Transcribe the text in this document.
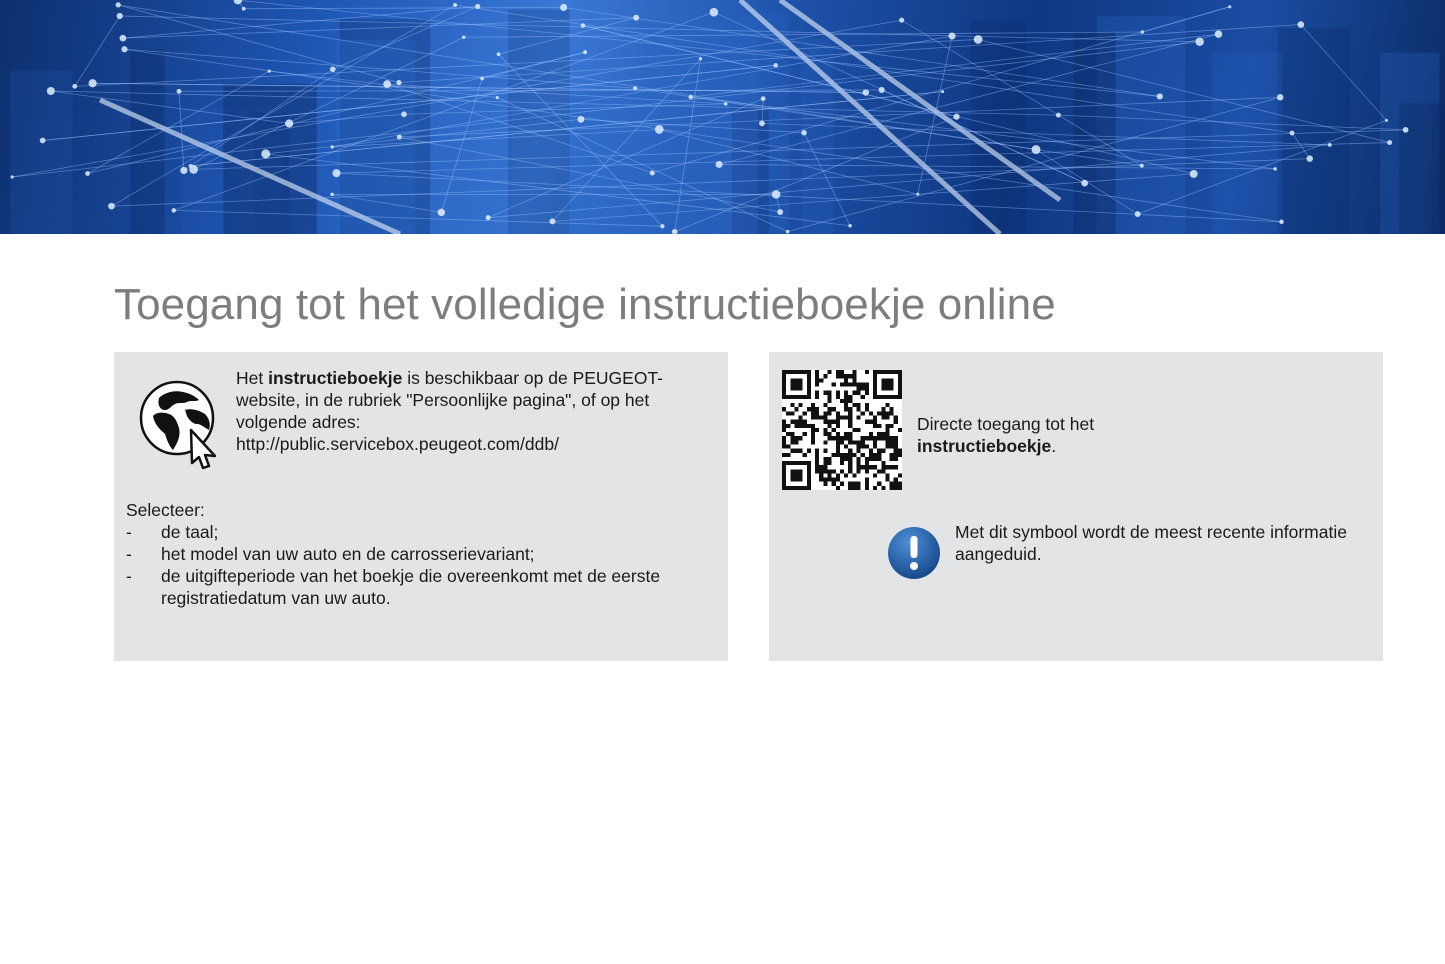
Toegang tot het volledige instructieboekje online

Het instructieboekje is beschikbaar op de PEUGEOT-website, in de rubriek "Persoonlijke pagina", of op het volgende adres:
http://public.servicebox.peugeot.com/ddb/

Selecteer:

- de taal;
- het model van uw auto en de carrosserievariant;
- de uitgifteperiode van het boekje die overeenkomt met de eerste registratiedatum van uw auto.

Directe toegang tot het
instructieboekje.

Met dit symbool wordt de meest recente informatie aangeduid.
